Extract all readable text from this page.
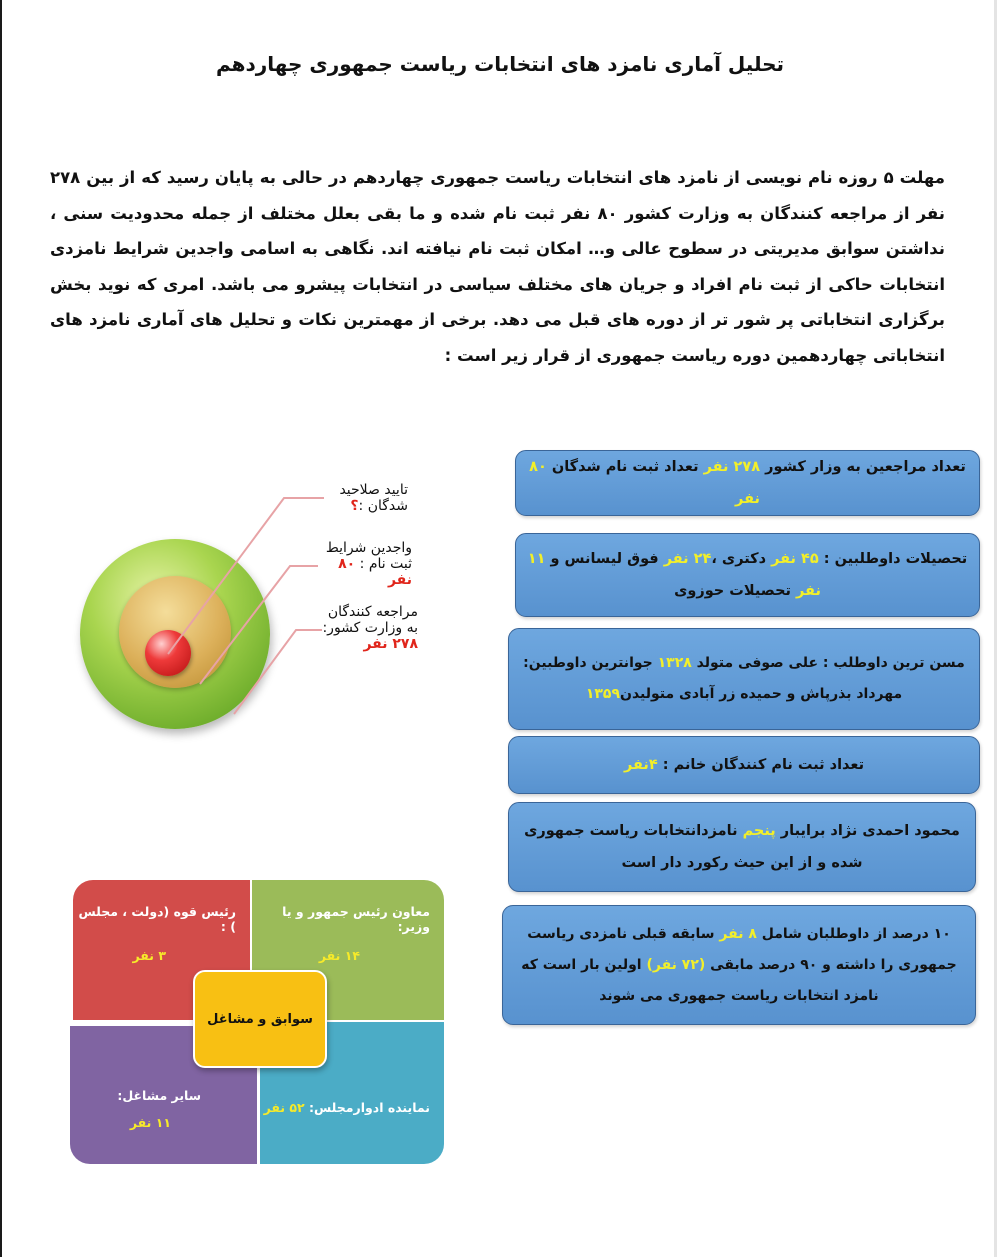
تحلیل آماری نامزد های انتخابات ریاست جمهوری چهاردهم
مهلت ۵ روزه نام نویسی از نامزد های انتخابات ریاست جمهوری چهاردهم در حالی به پایان رسید که از بین ۲۷۸ نفر از مراجعه کنندگان به وزارت کشور ۸۰ نفر ثبت نام شده و ما بقی بعلل مختلف از جمله محدودیت سنی ، نداشتن سوابق مدیریتی در سطوح عالی و… امکان ثبت نام نیافته اند. نگاهی به اسامی واجدین شرایط نامزدی انتخابات حاکی از ثبت نام افراد و جریان های مختلف سیاسی در انتخابات پیشرو می باشد. امری که نوید بخش برگزاری انتخاباتی پر شور تر از دوره های قبل می دهد. برخی از مهمترین نکات و تحلیل های آماری نامزد های انتخاباتی چهاردهمین دوره ریاست جمهوری از قرار زیر است :
تایید صلاحید
شدگان :؟
واجدین شرایط
ثبت نام : ۸۰
نفر
مراجعه کنندگان
به وزارت کشور:
۲۷۸ نفر
تعداد مراجعین به وزار کشور ۲۷۸ نفر تعداد ثبت نام شدگان ۸۰ نفر
تحصیلات داوطلبین : ۴۵ نفر دکتری ،۲۴ نفر فوق لیسانس و ۱۱ نفر تحصیلات حوزوی
مسن ترین داوطلب : علی صوفی متولد ۱۳۲۸ جوانترین داوطبین: مهرداد بذرپاش و حمیده زر آبادی متولیدن۱۳۵۹
تعداد ثبت نام کنندگان خانم : ۴نفر
محمود احمدی نژاد برایبار پنجم نامزدانتخابات ریاست جمهوری شده و از این حیث رکورد دار است
۱۰ درصد از داوطلبان شامل ۸ نفر سابقه قبلی نامزدی ریاست جمهوری را داشته و ۹۰ درصد مابقی (۷۲ نفر) اولین بار است که نامزد انتخابات ریاست جمهوری می شوند
معاون رئیس جمهور و یا وزیر:
۱۴ نفر
رئیس قوه (دولت ، مجلس ) :
۳ نفر
نماینده ادوارمجلس: ۵۲ نفر
سایر مشاغل:
۱۱ نفر
سوابق و مشاغل
